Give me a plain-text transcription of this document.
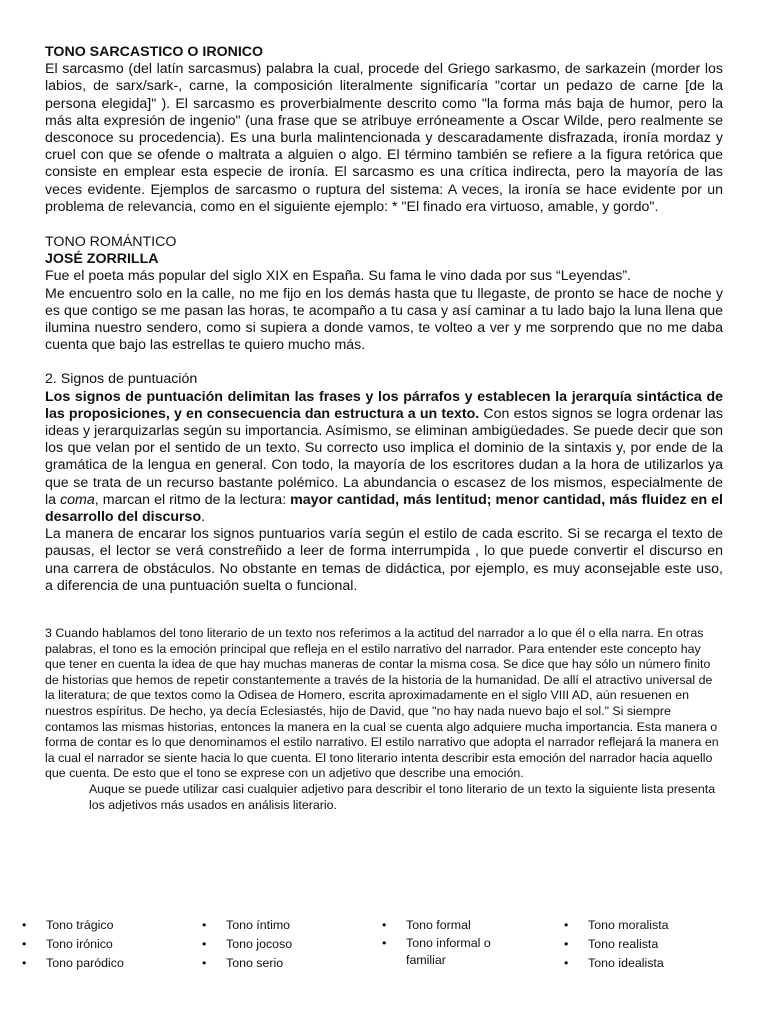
TONO SARCASTICO O IRONICO

El sarcasmo (del latín sarcasmus) palabra la cual, procede del Griego sarkasmo, de sarkazein (morder los labios, de sarx/sark-, carne, la composición literalmente significaría "cortar un pedazo de carne [de la persona elegida]" ). El sarcasmo es proverbialmente descrito como "la forma más baja de humor, pero la más alta expresión de ingenio" (una frase que se atribuye erróneamente a Oscar Wilde, pero realmente se desconoce su procedencia). Es una burla malintencionada y descaradamente disfrazada, ironía mordaz y cruel con que se ofende o maltrata a alguien o algo. El término también se refiere a la figura retórica que consiste en emplear esta especie de ironía. El sarcasmo es una crítica indirecta, pero la mayoría de las veces evidente. Ejemplos de sarcasmo o ruptura del sistema: A veces, la ironía se hace evidente por un problema de relevancia, como en el siguiente ejemplo: * "El finado era virtuoso, amable, y gordo".

TONO ROMÁNTICO

JOSÉ ZORRILLA

Fue el poeta más popular del siglo XIX en España. Su fama le vino dada por sus “Leyendas”.

Me encuentro solo en la calle, no me fijo en los demás hasta que tu llegaste, de pronto se hace de noche y es que contigo se me pasan las horas, te acompaño a tu casa y así caminar a tu lado bajo la luna llena que ilumina nuestro sendero, como si supiera a donde vamos, te volteo a ver y me sorprendo que no me daba cuenta que bajo las estrellas te quiero mucho más.

2. Signos de puntuación

Los signos de puntuación delimitan las frases y los párrafos y establecen la jerarquía sintáctica de las proposiciones, y en consecuencia dan estructura a un texto. Con estos signos se logra ordenar las ideas y jerarquizarlas según su importancia. Asímismo, se eliminan ambigüedades. Se puede decir que son los que velan por el sentido de un texto. Su correcto uso implica el dominio de la sintaxis y, por ende de la gramática de la lengua en general. Con todo, la mayoría de los escritores dudan a la hora de utilizarlos ya que se trata de un recurso bastante polémico. La abundancia o escasez de los mismos, especialmente de la coma, marcan el ritmo de la lectura: mayor cantidad, más lentitud; menor cantidad, más fluidez en el desarrollo del discurso.

La manera de encarar los signos puntuarios varía según el estilo de cada escrito. Si se recarga el texto de pausas, el lector se verá constreñido a leer de forma interrumpida , lo que puede convertir el discurso en una carrera de obstáculos. No obstante en temas de didáctica, por ejemplo, es muy aconsejable este uso, a diferencia de una puntuación suelta o funcional.

3 Cuando hablamos del tono literario de un texto nos referimos a la actitud del narrador a lo que él o ella narra. En otras palabras, el tono es la emoción principal que refleja en el estilo narrativo del narrador. Para entender este concepto hay que tener en cuenta la idea de que hay muchas maneras de contar la misma cosa. Se dice que hay sólo un número finito de historias que hemos de repetir constantemente a través de la historia de la humanidad. De allí el atractivo universal de la literatura; de que textos como la Odisea de Homero, escrita aproximadamente en el siglo VIII AD, aún resuenen en nuestros espíritus. De hecho, ya decía Eclesiastés, hijo de David, que "no hay nada nuevo bajo el sol." Si siempre contamos las mismas historias, entonces la manera en la cual se cuenta algo adquiere mucha importancia. Esta manera o forma de contar es lo que denominamos el estilo narrativo. El estilo narrativo que adopta el narrador reflejará la manera en la cual el narrador se siente hacia lo que cuenta. El tono literario intenta describir esta emoción del narrador hacia aquello que cuenta. De esto que el tono se exprese con un adjetivo que describe una emoción.

Auque se puede utilizar casi cualquier adjetivo para describir el tono literario de un texto la siguiente lista presenta los adjetivos más usados en análisis literario.

• Tono trágico
• Tono irónico
• Tono paródico
• Tono íntimo
• Tono jocoso
• Tono serio
• Tono formal
• Tono informal o familiar
• Tono moralista
• Tono realista
• Tono idealista
